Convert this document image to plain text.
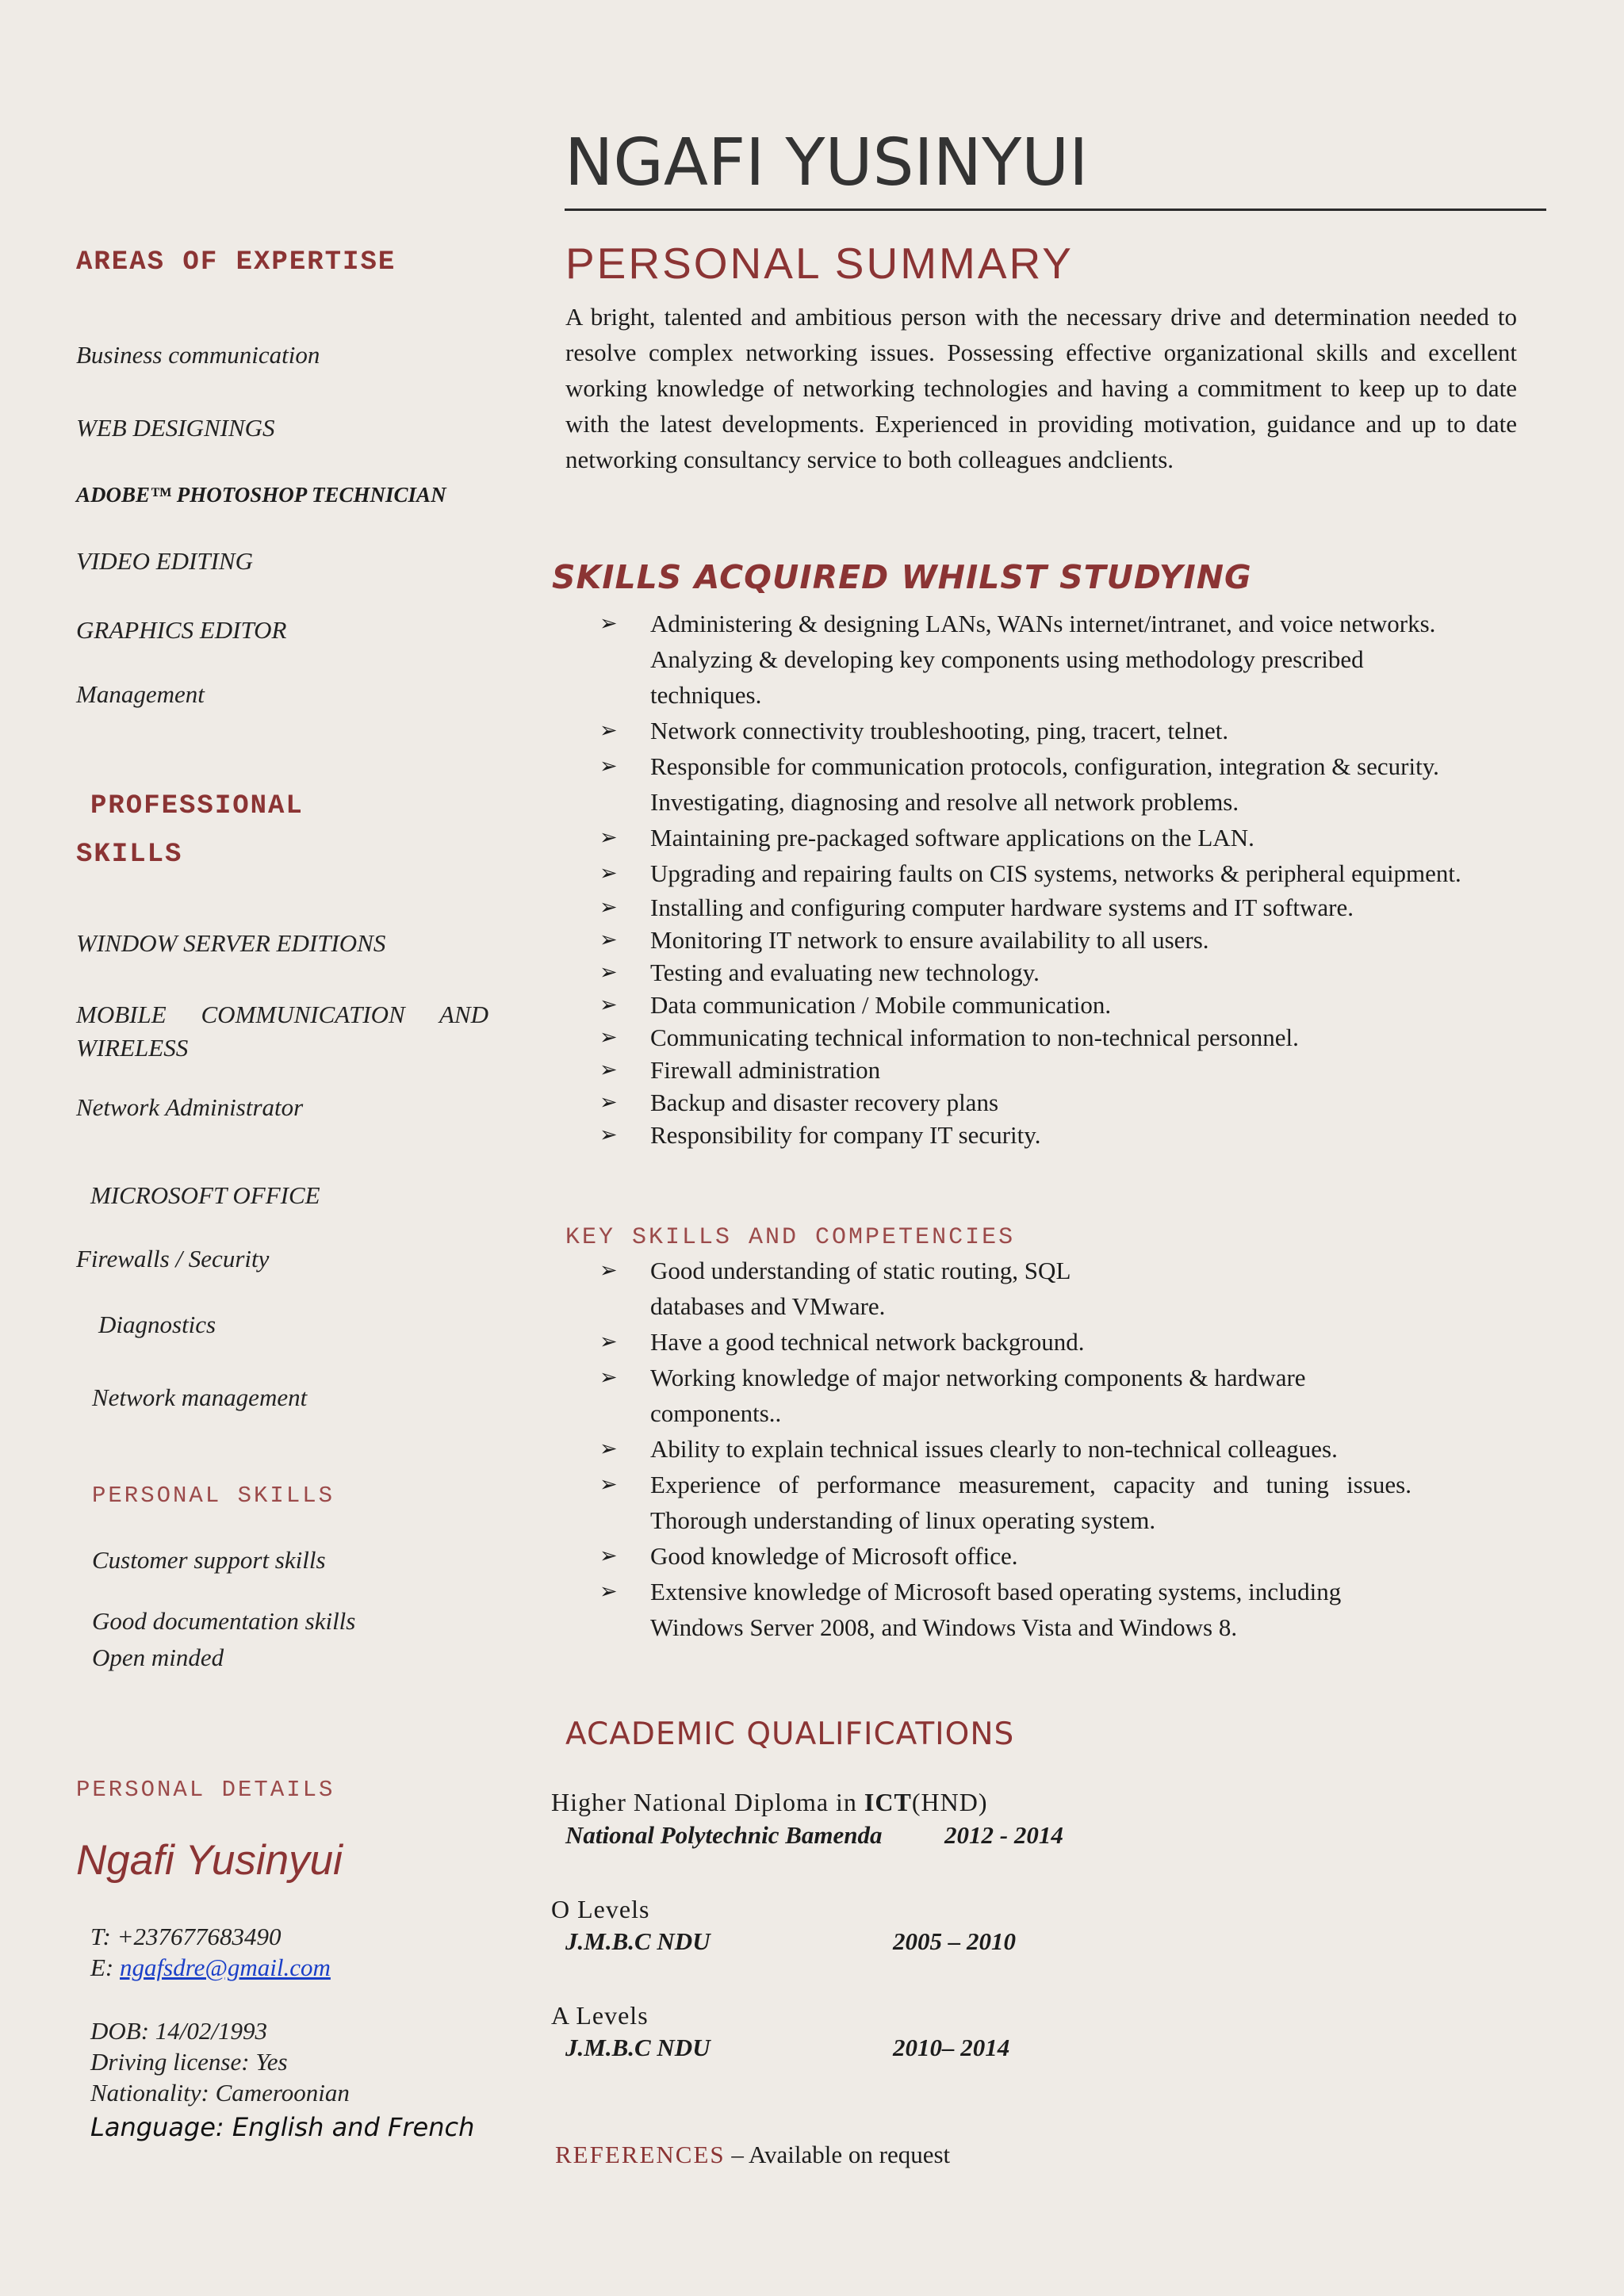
NGAFI YUSINYUI
AREAS OF EXPERTISE
Business communication
WEB DESIGNINGS
ADOBE™ PHOTOSHOP TECHNICIAN
VIDEO EDITING
GRAPHICS EDITOR
Management
PROFESSIONAL
SKILLS
WINDOW SERVER EDITIONS
MOBILE COMMUNICATION AND WIRELESS
Network Administrator
MICROSOFT OFFICE
Firewalls / Security
Diagnostics
Network management
PERSONAL SKILLS
Customer support skills
Good documentation skills
Open minded
PERSONAL DETAILS
Ngafi Yusinyui
T: +237677683490
E: ngafsdre@gmail.com
DOB: 14/02/1993
Driving license: Yes
Nationality: Cameroonian
Language: English and French
PERSONAL SUMMARY
A bright, talented and ambitious person with the necessary drive and determination needed to resolve complex networking issues. Possessing effective organizational skills and excellent working knowledge of networking technologies and having a commitment to keep up to date with the latest developments. Experienced in providing motivation, guidance and up to date networking consultancy service to both colleagues andclients.
SKILLS ACQUIRED WHILST STUDYING
➢ Administering & designing LANs, WANs internet/intranet, and voice networks. Analyzing & developing key components using methodology prescribed techniques.
➢ Network connectivity troubleshooting, ping, tracert, telnet.
➢ Responsible for communication protocols, configuration, integration & security. Investigating, diagnosing and resolve all network problems.
➢ Maintaining pre-packaged software applications on the LAN.
➢ Upgrading and repairing faults on CIS systems, networks & peripheral equipment.
➢ Installing and configuring computer hardware systems and IT software.
➢ Monitoring IT network to ensure availability to all users.
➢ Testing and evaluating new technology.
➢ Data communication / Mobile communication.
➢ Communicating technical information to non-technical personnel.
➢ Firewall administration
➢ Backup and disaster recovery plans
➢ Responsibility for company IT security.
KEY SKILLS AND COMPETENCIES
➢ Good understanding of static routing, SQL databases and VMware.
➢ Have a good technical network background.
➢ Working knowledge of major networking components & hardware components..
➢ Ability to explain technical issues clearly to non-technical colleagues.
➢ Experience of performance measurement, capacity and tuning issues. Thorough understanding of linux operating system.
➢ Good knowledge of Microsoft office.
➢ Extensive knowledge of Microsoft based operating systems, including Windows Server 2008, and Windows Vista and Windows 8.
ACADEMIC QUALIFICATIONS
Higher National Diploma in ICT(HND)
National Polytechnic Bamenda	2012 - 2014
O Levels
J.M.B.C NDU	2005 – 2010
A Levels
J.M.B.C NDU	2010– 2014
REFERENCES – Available on request
